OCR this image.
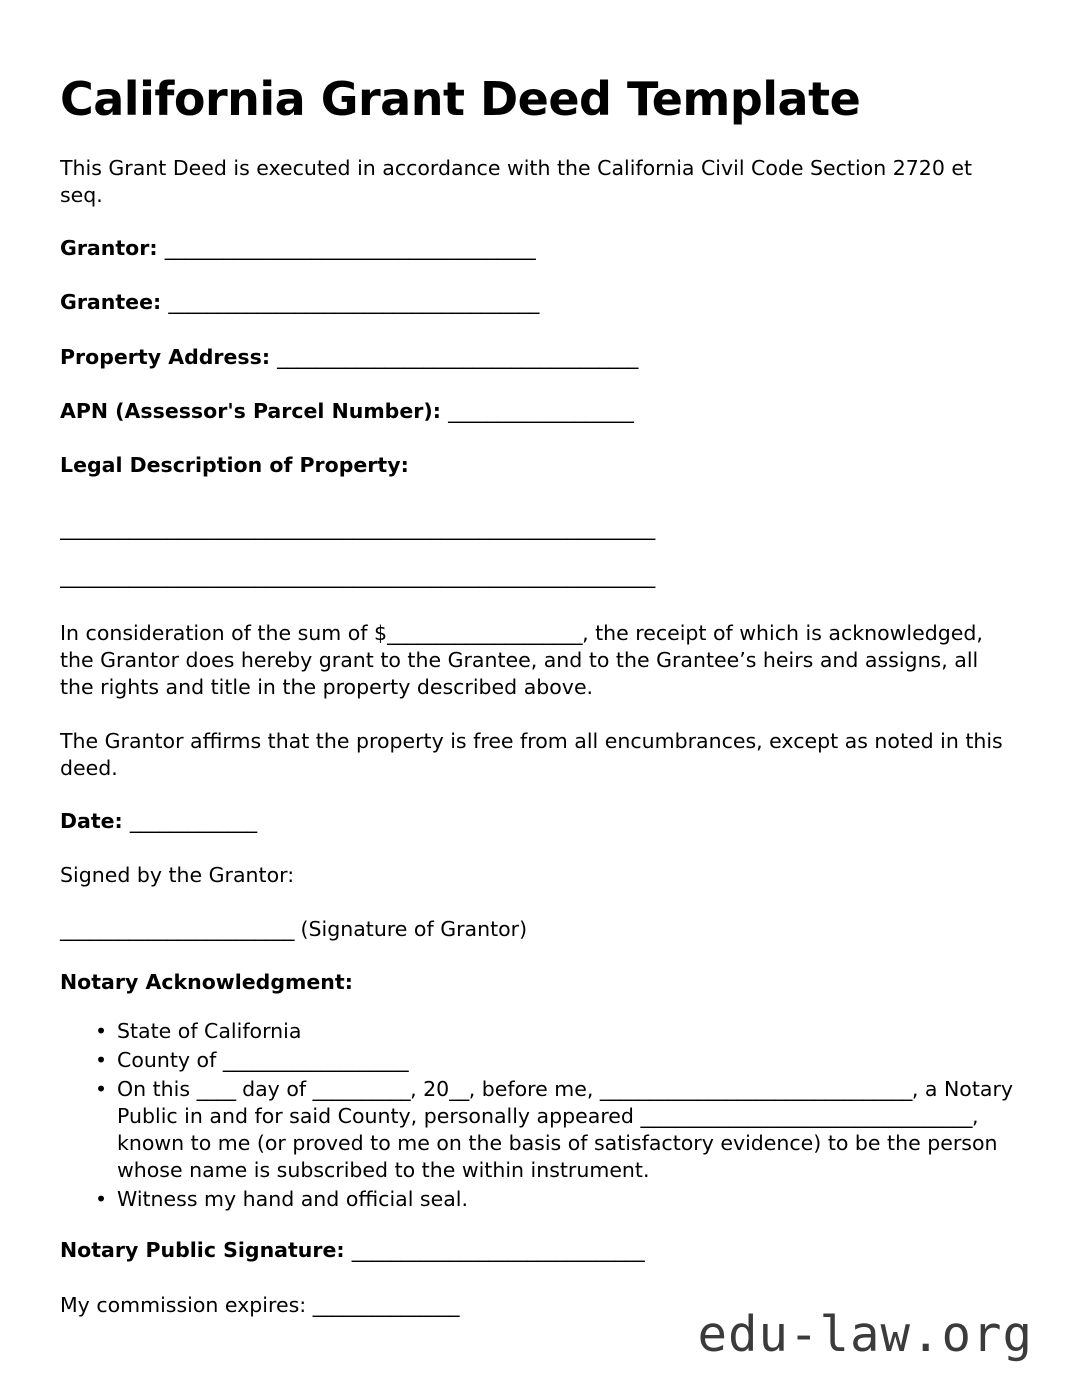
California Grant Deed Template

This Grant Deed is executed in accordance with the California Civil Code Section 2720 et seq.

Grantor: ______________________________________

Grantee: ______________________________________

Property Address: _____________________________________

APN (Assessor's Parcel Number): ___________________

Legal Description of Property:

_____________________________________________________________

_____________________________________________________________

In consideration of the sum of $____________________, the receipt of which is acknowledged, the Grantor does hereby grant to the Grantee, and to the Grantee’s heirs and assigns, all the rights and title in the property described above.

The Grantor affirms that the property is free from all encumbrances, except as noted in this deed.

Date: _____________

Signed by the Grantor:

________________________ (Signature of Grantor)

Notary Acknowledgment:
• State of California
• County of ___________________
• On this ____ day of __________, 20__, before me, ________________________________, a Notary Public in and for said County, personally appeared __________________________________, known to me (or proved to me on the basis of satisfactory evidence) to be the person whose name is subscribed to the within instrument.
• Witness my hand and official seal.

Notary Public Signature: ______________________________

My commission expires: _______________

edu-law.org
